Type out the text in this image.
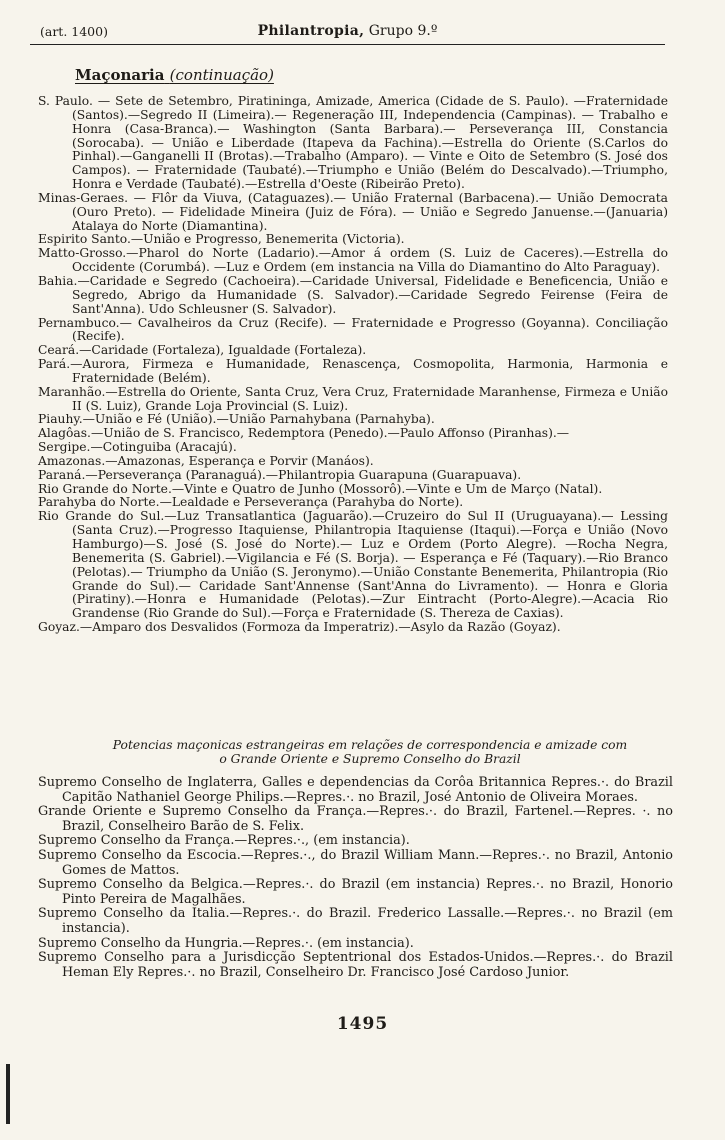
(art. 1400)	Philantropia, Grupo 9.º
Maçonaria (continuação)
S. Paulo. — Sete de Setembro, Piratininga, Amizade, America (Cidade de S. Paulo). —Fraternidade (Santos).—Segredo II (Limeira).— Regeneração III, Independencia (Campinas). — Trabalho e Honra (Casa-Branca).— Washington (Santa Barbara).— Perseverança III, Constancia (Sorocaba). — União e Liberdade (Itapeva da Fachina).—Estrella do Oriente (S.Carlos do Pinhal).—Ganganelli II (Brotas).—Trabalho (Amparo). — Vinte e Oito de Setembro (S. José dos Campos). — Fraternidade (Taubaté).—Triumpho e União (Belém do Descalvado).—Triumpho, Honra e Verdade (Taubaté).—Estrella d'Oeste (Ribeirão Preto).
Minas-Geraes. — Flôr da Viuva, (Cataguazes).— União Fraternal (Barbacena).— União Democrata (Ouro Preto). — Fidelidade Mineira (Juiz de Fóra). — União e Segredo Januense.—(Januaria) Atalaya do Norte (Diamantina).
Espirito Santo.—União e Progresso, Benemerita (Victoria).
Matto-Grosso.—Pharol do Norte (Ladario).—Amor á ordem (S. Luiz de Caceres).—Estrella do Occidente (Corumbá). —Luz e Ordem (em instancia na Villa do Diamantino do Alto Paraguay).
Bahia.—Caridade e Segredo (Cachoeira).—Caridade Universal, Fidelidade e Beneficencia, União e Segredo, Abrigo da Humanidade (S. Salvador).—Caridade Segredo Feirense (Feira de Sant'Anna). Udo Schleusner (S. Salvador).
Pernambuco.— Cavalheiros da Cruz (Recife). — Fraternidade e Progresso (Goyanna). Conciliação (Recife).
Ceará.—Caridade (Fortaleza), Igualdade (Fortaleza).
Pará.—Aurora, Firmeza e Humanidade, Renascença, Cosmopolita, Harmonia, Harmonia e Fraternidade (Belém).
Maranhão.—Estrella do Oriente, Santa Cruz, Vera Cruz, Fraternidade Maranhense, Firmeza e União II (S. Luiz), Grande Loja Provincial (S. Luiz).
Piauhy.—União e Fé (União).—União Parnahybana (Parnahyba).
Alagôas.—União de S. Francisco, Redemptora (Penedo).—Paulo Affonso (Piranhas).—
Sergipe.—Cotinguiba (Aracajú).
Amazonas.—Amazonas, Esperança e Porvir (Manáos).
Paraná.—Perseverança (Paranaguá).—Philantropia Guarapuna (Guarapuava).
Rio Grande do Norte.—Vinte e Quatro de Junho (Mossorô).—Vinte e Um de Março (Natal).
Parahyba do Norte.—Lealdade e Perseverança (Parahyba do Norte).
Rio Grande do Sul.—Luz Transatlantica (Jaguarão).—Cruzeiro do Sul II (Uruguayana).— Lessing (Santa Cruz).—Progresso Itaquiense, Philantropia Itaquiense (Itaqui).—Força e União (Novo Hamburgo)—S. José (S. José do Norte).— Luz e Ordem (Porto Alegre). —Rocha Negra, Benemerita (S. Gabriel).—Vigilancia e Fé (S. Borja). — Esperança e Fé (Taquary).—Rio Branco (Pelotas).— Triumpho da União (S. Jeronymo).—União Constante Benemerita, Philantropia (Rio Grande do Sul).— Caridade Sant'Annense (Sant'Anna do Livramento). — Honra e Gloria (Piratiny).—Honra e Humanidade (Pelotas).—Zur Eintracht (Porto-Alegre).—Acacia Rio Grandense (Rio Grande do Sul).—Força e Fraternidade (S. Thereza de Caxias).
Goyaz.—Amparo dos Desvalidos (Formoza da Imperatriz).—Asylo da Razão (Goyaz).
Potencias maçonicas estrangeiras em relações de correspondencia e amizade com
o Grande Oriente e Supremo Conselho do Brazil
Supremo Conselho de Inglaterra, Galles e dependencias da Corôa Britannica Repres.·. do Brazil Capitão Nathaniel George Philips.—Repres.·. no Brazil, José Antonio de Oliveira Moraes.
Grande Oriente e Supremo Conselho da França.—Repres.·. do Brazil, Fartenel.—Repres. ·. no Brazil, Conselheiro Barão de S. Felix.
Supremo Conselho da França.—Repres.·., (em instancia).
Supremo Conselho da Escocia.—Repres.·., do Brazil William Mann.—Repres.·. no Brazil, Antonio Gomes de Mattos.
Supremo Conselho da Belgica.—Repres.·. do Brazil (em instancia) Repres.·. no Brazil, Honorio Pinto Pereira de Magalhães.
Supremo Conselho da Italia.—Repres.·. do Brazil. Frederico Lassalle.—Repres.·. no Brazil (em instancia).
Supremo Conselho da Hungria.—Repres.·. (em instancia).
Supremo Conselho para a Jurisdicção Septentrional dos Estados-Unidos.—Repres.·. do Brazil Heman Ely Repres.·. no Brazil, Conselheiro Dr. Francisco José Cardoso Junior.
1495
